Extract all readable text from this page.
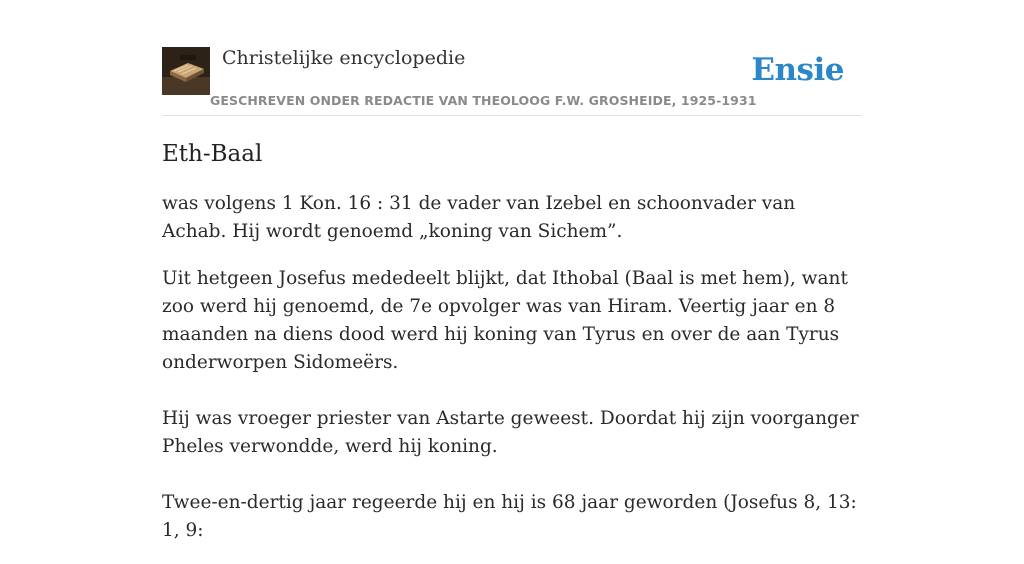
Christelijke encyclopedie
GESCHREVEN ONDER REDACTIE VAN THEOLOOG F.W. GROSHEIDE, 1925-1931
Ensie
Eth-Baal

was volgens 1 Kon. 16 : 31 de vader van Izebel en schoonvader van Achab. Hij wordt genoemd „koning van Sichem”.

Uit hetgeen Josefus mededeelt blijkt, dat Ithobal (Baal is met hem), want zoo werd hij genoemd, de 7e opvolger was van Hiram. Veertig jaar en 8 maanden na diens dood werd hij koning van Tyrus en over de aan Tyrus onderworpen Sidomeërs.

Hij was vroeger priester van Astarte geweest. Doordat hij zijn voorganger Pheles verwondde, werd hij koning.

Twee-en-dertig jaar regeerde hij en hij is 68 jaar geworden (Josefus 8, 13: 1, 9:
